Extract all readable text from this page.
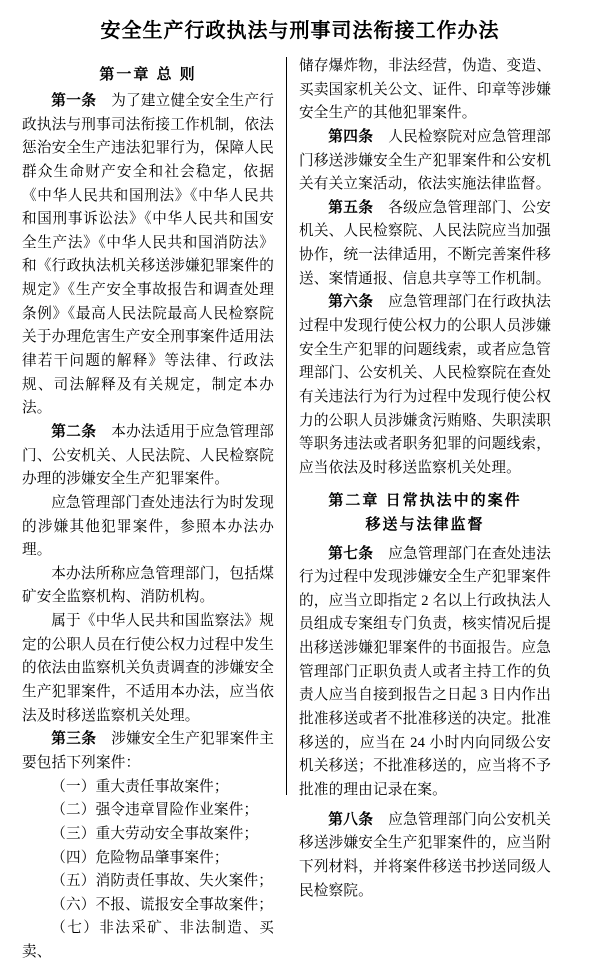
安全生产行政执法与刑事司法衔接工作办法
第一章 总 则

第一条　 为了建立健全安全生产行政执法与刑事司法衔接工作机制，依法惩治安全生产违法犯罪行为，保障人民群众生命财产安全和社会稳定，依据《中华人民共和国刑法》《中华人民共和国刑事诉讼法》《中华人民共和国安全生产法》《中华人民共和国消防法》和《行政执法机关移送涉嫌犯罪案件的规定》《生产安全事故报告和调查处理条例》《最高人民法院最高人民检察院关于办理危害生产安全刑事案件适用法律若干问题的解释》等法律、行政法规、司法解释及有关规定，制定本办法。

第二条　 本办法适用于应急管理部门、公安机关、人民法院、人民检察院办理的涉嫌安全生产犯罪案件。

应急管理部门查处违法行为时发现的涉嫌其他犯罪案件，参照本办法办理。

本办法所称应急管理部门，包括煤矿安全监察机构、消防机构。

属于《中华人民共和国监察法》规定的公职人员在行使公权力过程中发生的依法由监察机关负责调查的涉嫌安全生产犯罪案件，不适用本办法，应当依法及时移送监察机关处理。

第三条　 涉嫌安全生产犯罪案件主要包括下列案件：

（一）重大责任事故案件；

（二）强令违章冒险作业案件；

（三）重大劳动安全事故案件；

（四）危险物品肇事案件；

（五）消防责任事故、失火案件；

（六）不报、谎报安全事故案件；

（七）非法采矿、非法制造、买卖、

储存爆炸物，非法经营，伪造、变造、买卖国家机关公文、证件、印章等涉嫌安全生产的其他犯罪案件。

第四条　 人民检察院对应急管理部门移送涉嫌安全生产犯罪案件和公安机关有关立案活动，依法实施法律监督。

第五条　 各级应急管理部门、公安机关、人民检察院、人民法院应当加强协作，统一法律适用，不断完善案件移送、案情通报、信息共享等工作机制。

第六条　 应急管理部门在行政执法过程中发现行使公权力的公职人员涉嫌安全生产犯罪的问题线索，或者应急管理部门、公安机关、人民检察院在查处有关违法行为行为过程中发现行使公权力的公职人员涉嫌贪污贿赂、失职渎职等职务违法或者职务犯罪的问题线索，应当依法及时移送监察机关处理。

第二章 日常执法中的案件
移送与法律监督

第七条　 应急管理部门在查处违法行为过程中发现涉嫌安全生产犯罪案件的，应当立即指定 2 名以上行政执法人员组成专案组专门负责，核实情况后提出移送涉嫌犯罪案件的书面报告。应急管理部门正职负责人或者主持工作的负责人应当自接到报告之日起 3 日内作出批准移送或者不批准移送的决定。批准移送的，应当在 24 小时内向同级公安机关移送；不批准移送的，应当将不予批准的理由记录在案。

第八条　 应急管理部门向公安机关移送涉嫌安全生产犯罪案件的，应当附下列材料，并将案件移送书抄送同级人民检察院。
